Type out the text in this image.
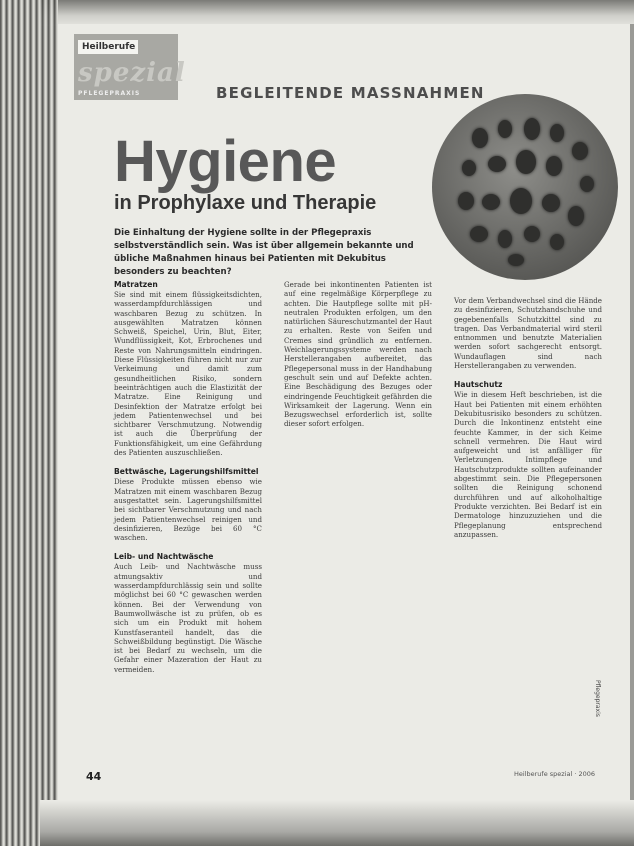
Heilberufe
spezial
PFLEGEPRAXIS	BEGLEITENDE MASSNAHMEN
Hygiene
in Prophylaxe und Therapie

Die Einhaltung der Hygiene sollte in der Pflegepraxis selbstverständlich sein. Was ist über allgemein bekannte und übliche Maßnahmen hinaus bei Patienten mit Dekubitus besonders zu beachten?

Matratzen

Sie sind mit einem flüssigkeitsdichten, wasserdampfdurchlässigen und waschbaren Bezug zu schützen. In ausgewählten Matratzen können Schweiß, Speichel, Urin, Blut, Eiter, Wundflüssigkeit, Kot, Erbrochenes und Reste von Nahrungsmitteln eindringen. Diese Flüssigkeiten führen nicht nur zur Verkeimung und damit zum gesundheitlichen Risiko, sondern beeinträchtigen auch die Elastizität der Matratze. Eine Reinigung und Desinfektion der Matratze erfolgt bei jedem Patientenwechsel und bei sichtbarer Verschmutzung. Notwendig ist auch die Überprüfung der Funktionsfähigkeit, um eine Gefährdung des Patienten auszuschließen.

Bettwäsche, Lagerungshilfsmittel

Diese Produkte müssen ebenso wie Matratzen mit einem waschbaren Bezug ausgestattet sein. Lagerungshilfsmittel bei sichtbarer Verschmutzung und nach jedem Patientenwechsel reinigen und desinfizieren, Bezüge bei 60 °C waschen.

Leib- und Nachtwäsche

Auch Leib- und Nachtwäsche muss atmungsaktiv und wasserdampfdurchlässig sein und sollte möglichst bei 60 °C gewaschen werden können. Bei der Verwendung von Baumwollwäsche ist zu prüfen, ob es sich um ein Produkt mit hohem Kunstfaseranteil handelt, das die Schweißbildung begünstigt. Die Wäsche ist bei Bedarf zu wechseln, um die Gefahr einer Mazeration der Haut zu vermeiden.

Gerade bei inkontinenten Patienten ist auf eine regelmäßige Körperpflege zu achten. Die Hautpflege sollte mit pH-neutralen Produkten erfolgen, um den natürlichen Säureschutzmantel der Haut zu erhalten. Reste von Seifen und Cremes sind gründlich zu entfernen. Weichlagerungssysteme werden nach Herstellerangaben aufbereitet, das Pflegepersonal muss in der Handhabung geschult sein und auf Defekte achten. Eine Beschädigung des Bezuges oder eindringende Feuchtigkeit gefährden die Wirksamkeit der Lagerung. Wenn ein Bezugswechsel erforderlich ist, sollte dieser sofort erfolgen.

Vor dem Verbandwechsel sind die Hände zu desinfizieren, Schutzhandschuhe und gegebenenfalls Schutzkittel sind zu tragen. Das Verbandmaterial wird steril entnommen und benutzte Materialien werden sofort sachgerecht entsorgt. Wundauflagen sind nach Herstellerangaben zu verwenden.

Hautschutz

Wie in diesem Heft beschrieben, ist die Haut bei Patienten mit einem erhöhten Dekubitusrisiko besonders zu schützen. Durch die Inkontinenz entsteht eine feuchte Kammer, in der sich Keime schnell vermehren. Die Haut wird aufgeweicht und ist anfälliger für Verletzungen. Intimpflege und Hautschutzprodukte sollten aufeinander abgestimmt sein. Die Pflegepersonen sollten die Reinigung schonend durchführen und auf alkoholhaltige Produkte verzichten. Bei Bedarf ist ein Dermatologe hinzuzuziehen und die Pflegeplanung entsprechend anzupassen.

44	Heilberufe spezial · 2006
Pflegepraxis
